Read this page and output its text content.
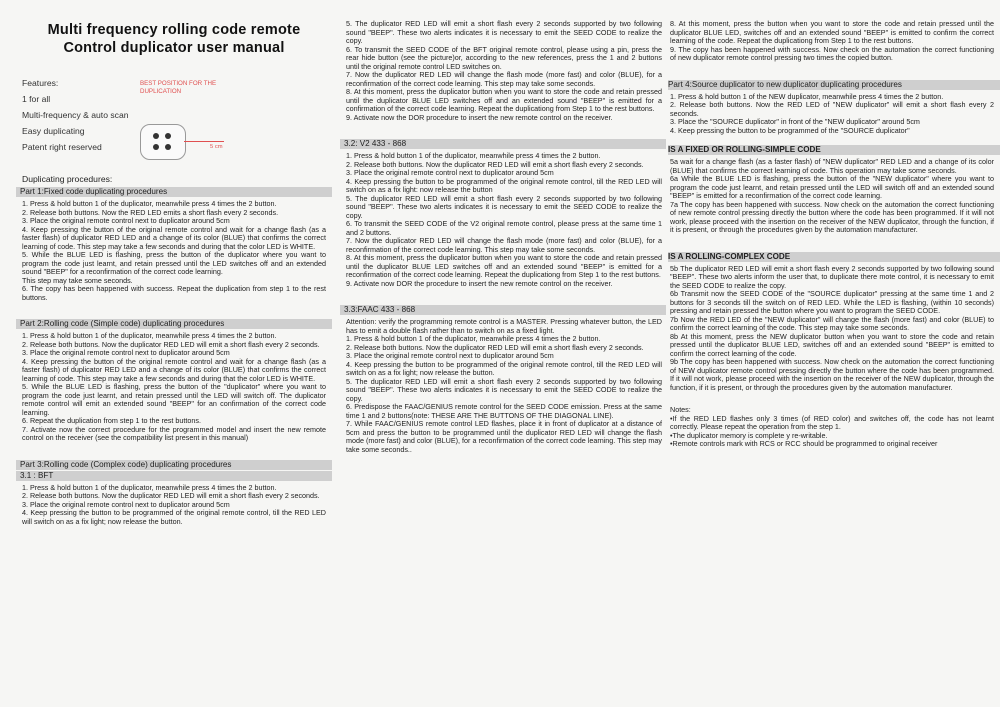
Multi frequency rolling code remote
Control duplicator user manual
Features:
1 for all
Multi-frequency & auto scan
Easy duplicating
Patent right reserved
BEST POSITION FOR THE DUPLICATION
5 cm
Duplicating procedures:
Part 1:Fixed code duplicating procedures

1. Press & hold button 1 of the duplicator, meanwhile press 4 times the 2 button.

2. Release both buttons. Now the RED LED emits a short flash every 2 seconds.

3. Place the original remote control next to duplicator around 5cm

4. Keep pressing the button of the original remote control and wait for a change flash (as a faster flash) of duplicator RED LED and a change of its color (BLUE) that confirms the correct learning of code. This step may take a few seconds and during that the color LED is WHITE.

5. While the BLUE LED is flashing, press the button of the duplicator where you want to program the code just learnt, and retain pressed until the LED switches off and an extended sound "BEEP" for a reconfirmation of the correct code learning.

This step may take some seconds.

6. The copy has been happened with success. Repeat the duplication from step 1 to the rest buttons.

Part 2:Rolling code (Simple code) duplicating procedures

1. Press & hold button 1 of the duplicator, meanwhile press 4 times the 2 button.

2. Release both buttons. Now the duplicator RED LED will emit a short flash every 2 seconds.

3. Place the original remote control next to duplicator around 5cm

4. Keep pressing the button of the original remote control and wait for a change flash (as a faster flash) of duplicator RED LED and a change of its color (BLUE) that confirms the correct learning of code. This step may take a few seconds and during that the color LED is WHITE.

5. While the BLUE LED is flashing, press the button of the "duplicator" where you want to program the code just learnt, and retain pressed until the LED will switch off. The duplicator remote control will emit an extended sound "BEEP" for an confirmation of the correct code learning.

6. Repeat the duplication from step 1 to the rest buttons.

7. Activate now the correct procedure for the programmed model and insert the new remote control on the receiver (see the compatibility list present in this manual)

Part 3:Rolling code (Complex code) duplicating procedures
3.1 : BFT

1. Press & hold button 1 of the duplicator, meanwhile press 4 times the 2 button.

2. Release both buttons. Now the duplicator RED LED will emit a short flash every 2 seconds.

3. Place the original remote control next to duplicator around 5cm

4. Keep pressing the button to be programmed of the original remote control, till the RED LED will switch on as a fix light; now release the button.

5. The duplicator RED LED will emit a short flash every 2 seconds supported by two following sound "BEEP". These two alerts indicates it is necessary to emit the SEED CODE to realize the copy.

6. To transmit the SEED CODE of the BFT original remote control, please using a pin, press the rear hide button (see the picture)or, according to the new references, press the 1 and 2 buttons until the original remote control LED switches on.

7. Now the duplicator RED LED will change the flash mode (more fast) and color (BLUE), for a reconfirmation of the correct code learning. This step may take some seconds.

8. At this moment, press the duplicator button when you want to store the code and retain pressed until the duplicator BLUE LED switches off and an extended sound "BEEP" is emitted for a confirmation of the correct code learning. Repeat the duplicationg from Step 1 to the rest buttons.

9. Activate now the DOR procedure to insert the new remote control on the receiver.

3.2: V2 433 - 868

1. Press & hold button 1 of the duplicator, meanwhile press 4 times the 2 button.

2. Release both buttons. Now the duplicator RED LED will emit a short flash every 2 seconds.

3. Place the original remote control next to duplicator around 5cm

4. Keep pressing the button to be programmed of the original remote control, till the RED LED will switch on as a fix light: now release the button

5. The duplicator RED LED will emit a short flash every 2 seconds supported by two following sound "BEEP". These two alerts indicates it is necessary to emit the SEED CODE to realize the copy.

6. To transmit the SEED CODE of the V2 original remote control, please press at the same time 1 and 2 buttons.

7. Now the duplicator RED LED will change the flash mode (more fast) and color (BLUE), for a reconfirmation of the correct code learning. This step may take some seconds.

8. At this moment, press the duplicator button when you want to store the code and retain pressed until the duplicator BLUE LED switches off and an extended sound "BEEP" is emitted for a reconfirmation of the correct code learning. Repeat the duplicationg from Step 1 to the rest buttons.

9. Activate now DOR the procedure to insert the new remote control on the receiver.

3.3:FAAC 433 - 868

Attention: verify the programming remote control is a MASTER. Pressing whatever button, the LED has to emit a double flash rather than to switch on as a fixed light.

1. Press & hold button 1 of the duplicator, meanwhile press 4 times the 2 button.

2. Release both buttons. Now the duplicator RED LED will emit a short flash every 2 seconds.

3. Place the original remote control next to duplicator around 5cm

4. Keep pressing the button to be programmed of the original remote control, till the RED LED will switch on as a fix light; now release the button.

5. The duplicator RED LED will emit a short flash every 2 seconds supported by two following sound "BEEP". These two alerts indicates it is necessary to emit the SEED CODE to realize the copy.

6. Predispose the FAAC/GENIUS remote control for the SEED CODE emission. Press at the same time 1 and 2 buttons(note: THESE ARE THE BUTTONS OF THE DIAGONAL LINE).

7. While FAAC/GENIUS remote control LED flashes, place it in front of duplicator at a distance of 5cm and press the button to be programmed until the duplicator RED LED will change the flash mode (more fast) and color (BLUE), for a reconfirmation of the correct code learning. This step may take some seconds..

8. At this moment, press the button when you want to store the code and retain pressed until the duplicator BLUE LED, switches off and an extended sound "BEEP" is emitted to confirm the correct learning of the code. Repeat the duplicationg from Step 1 to the rest buttons.

9. The copy has been happened with success. Now check on the automation the correct functioning of new duplicator remote control pressing two times the copied button.

Part 4:Source duplicator to new duplicator duplicating procedures

1. Press & hold button 1 of the NEW duplicator, meanwhile press 4 times the 2 button.

2. Release both buttons. Now the RED LED of "NEW duplicator" will emit a short flash every 2 seconds.

3. Place the "SOURCE duplicator" in front of the "NEW duplicator" around 5cm

4. Keep pressing the button to be programmed of the "SOURCE duplicator"

IS A FIXED OR ROLLING-SIMPLE CODE

5a wait for a change flash (as a faster flash) of "NEW duplicator" RED LED and a change of its color (BLUE) that confirms the correct learning of code. This operation may take some seconds.

6a While the BLUE LED is flashing, press the button of the "NEW duplicator" where you want to program the code just learnt, and retain pressed until the LED will switch off and an extended sound "BEEP" is emitted for a reconfirmation of the correct code learning.

7a The copy has been happened with success. Now check on the automation the correct functioning of new remote control pressing directly the button where the code has been programmed. If it will not work, please proceed with the insertion on the receiver of the NEW duplicator, through the function, if it is present, or through the procedures given by the automation manufacturer.

IS A ROLLING-COMPLEX CODE

5b The duplicator RED LED will emit a short flash every 2 seconds supported by two following sound "BEEP". These two alerts inform the user that, to duplicate there mote control, it is necessary to emit the SEED CODE to realize the copy.

6b Transmit now the SEED CODE of the "SOURCE duplicator" pressing at the same time 1 and 2 buttons for 3 seconds till the switch on of RED LED. While the LED is flashing, (within 10 seconds) pressing and retain pressed the button where you want to program the SEED CODE.

7b Now the RED LED of the "NEW duplicator" will change the flash (more fast) and color (BLUE) to confirm the correct learning of the code. This step may take some seconds.

8b At this moment, press the NEW duplicator button when you want to store the code and retain pressed until the duplicator BLUE LED, switches off and an extended sound "BEEP" is emitted to confirm the correct learning of the code.

9b The copy has been happened with success. Now check on the automation the correct functioning of NEW duplicator remote control pressing directly the button where the code has been programmed. If it will not work, please proceed with the insertion on the receiver of the NEW duplicator, through the function, if it is present, or through the procedures given by the automation manufacturer.

Notes:

•If the RED LED flashes only 3 times (of RED color) and switches off, the code has not learnt correctly. Please repeat the operation from the step 1.

•The duplicator memory is complete y re-writable.

•Remote controls mark with RCS or RCC should be programmed to original receiver
